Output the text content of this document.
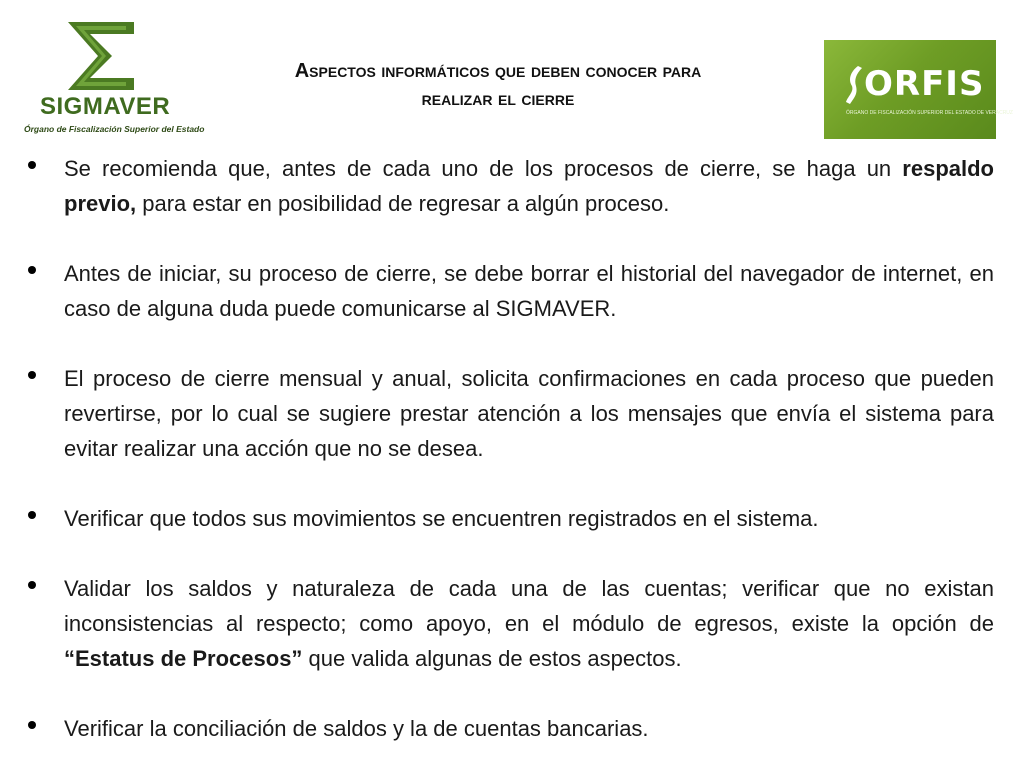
SIGMAVER
Órgano de Fiscalización Superior del Estado
Aspectos informáticos que deben conocer para
realizar el cierre	ORFIS
ÓRGANO DE FISCALIZACIÓN SUPERIOR DEL ESTADO DE VERACRUZ
Se recomienda que, antes de cada uno de los procesos de cierre, se haga un respaldo previo, para estar en posibilidad de regresar a algún proceso.
Antes de iniciar, su proceso de cierre, se debe borrar el historial del navegador de internet, en caso de alguna duda puede comunicarse al SIGMAVER.
El proceso de cierre mensual y anual, solicita confirmaciones en cada proceso que pueden revertirse, por lo cual se sugiere prestar atención a los mensajes que envía el sistema para evitar realizar una acción que no se desea.
Verificar que todos sus movimientos se encuentren registrados en el sistema.
Validar los saldos y naturaleza de cada una de las cuentas; verificar que no existan inconsistencias al respecto; como apoyo, en el módulo de egresos, existe la opción de “Estatus de Procesos” que valida algunas de estos aspectos.
Verificar la conciliación de saldos y la de cuentas bancarias.
